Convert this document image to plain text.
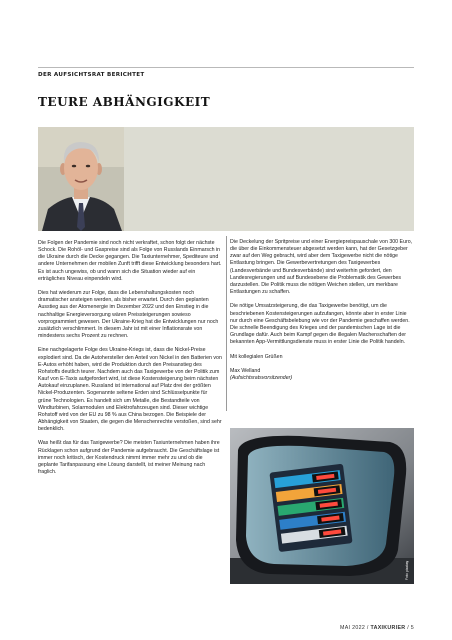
DER AUFSICHTSRAT BERICHTET
TEURE ABHÄNGIGKEIT

Die Folgen der Pandemie sind noch nicht verkraftet, schon folgt der nächste Schock. Die Rohöl- und Gaspreise sind als Folge von Russlands Einmarsch in die Ukraine durch die Decke gegangen. Die Taxiunternehmer, Spediteure und andere Unternehmen der mobilen Zunft trifft diese Entwicklung besonders hart. Es ist auch ungewiss, ob und wann sich die Situation wieder auf ein erträgliches Niveau einpendeln wird.

Dies hat wiederum zur Folge, dass die Lebenshaltungskosten noch dramatischer ansteigen werden, als bisher erwartet. Durch den geplanten Ausstieg aus der Atomenergie im Dezember 2022 und den Einstieg in die nachhaltige Energieversorgung wären Preissteigerungen sowieso vorprogrammiert gewesen. Der Ukraine-Krieg hat die Entwicklungen nur noch zusätzlich verschlimmert. In diesem Jahr ist mit einer Inflationsrate von mindestens sechs Prozent zu rechnen.

Eine nachgelagerte Folge des Ukraine-Kriegs ist, dass die Nickel-Preise explodiert sind. Da die Autohersteller den Anteil von Nickel in den Batterien von E-Autos erhöht haben, wird die Produktion durch den Preisanstieg des Rohstoffs deutlich teurer. Nachdem auch das Taxigewerbe von der Politik zum Kauf von E-Taxis aufgefordert wird, ist diese Kostensteigerung beim nächsten Autokauf einzuplanen. Russland ist international auf Platz drei der größten Nickel-Produzenten. Sogenannte seltene Erden sind Schlüsselpunkte für grüne Technologien. Es handelt sich um Metalle, die Bestandteile von Windturbinen, Solarmodulen und Elektrofahrzeugen sind. Dieser wichtige Rohstoff wird von der EU zu 98 % aus China bezogen. Die Beispiele der Abhängigkeit von Staaten, die gegen die Menschenrechte verstoßen, sind sehr bedenklich.

Was heißt das für das Taxigewerbe? Die meisten Taxiunternehmen haben ihre Rücklagen schon aufgrund der Pandemie aufgebraucht. Die Geschäftslage ist immer noch kritisch, der Kostendruck nimmt immer mehr zu und ob die geplante Tarifanpassung eine Lösung darstellt, ist meiner Meinung nach fraglich.

Die Deckelung der Spritpreise und einer Energiepreispauschale von 300 Euro, die über die Einkommensteuer abgesetzt werden kann, hat der Gesetzgeber zwar auf den Weg gebracht, wird aber dem Taxigewerbe nicht die nötige Entlastung bringen. Die Gewerbevertretungen des Taxigewerbes (Landesverbände und Bundesverbände) sind weiterhin gefordert, den Landesregierungen und auf Bundesebene die Problematik des Gewerbes darzustellen. Die Politik muss die nötigen Weichen stellen, um merkbare Entlastungen zu schaffen.

Die nötige Umsatzsteigerung, die das Taxigewerbe benötigt, um die beschriebenen Kostensteigerungen aufzufangen, könnte aber in erster Linie nur durch eine Geschäftsbelebung wie vor der Pandemie geschaffen werden. Die schnelle Beendigung des Krieges und der pandemischen Lage ist die Grundlage dafür. Auch beim Kampf gegen die illegalen Machenschaften der bekannten App-Vermittlungsdienste muss in erster Linie die Politik handeln.

Mit kollegialen Grüßen

Max Welland
(Aufsichtsratsvorsitzender)

Foto: pixabay
MAI 2022 / TAXIKURIER / 5
